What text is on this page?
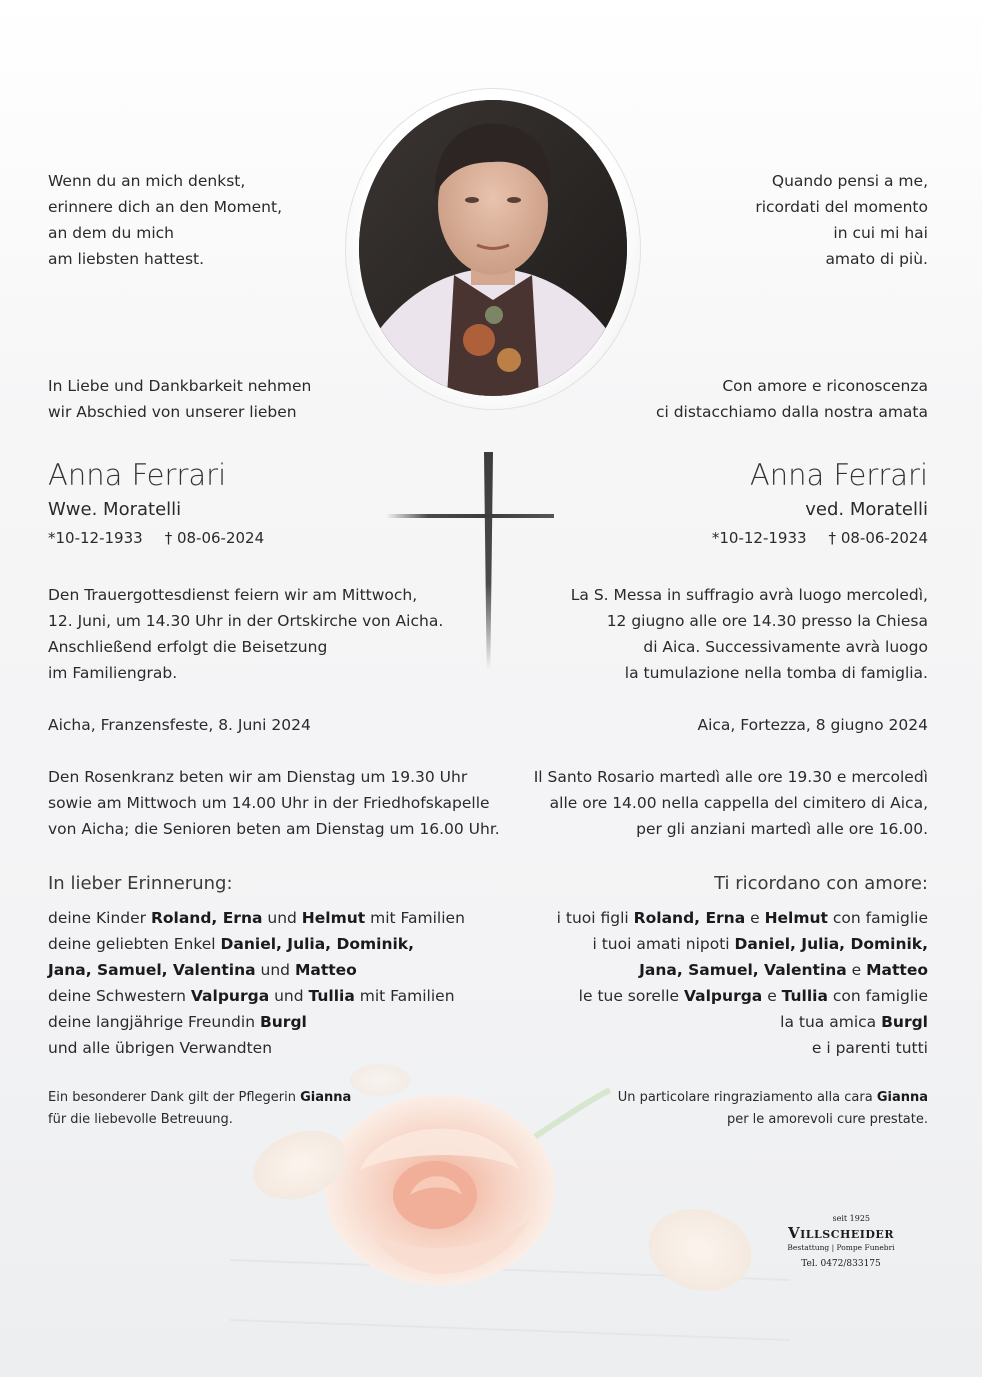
Wenn du an mich denkst,

erinnere dich an den Moment,

an dem du mich

am liebsten hattest.

In Liebe und Dankbarkeit nehmen

wir Abschied von unserer lieben

Anna Ferrari

Wwe. Moratelli

*10-12-1933 † 08-06-2024

Den Trauergottesdienst feiern wir am Mittwoch,

12. Juni, um 14.30 Uhr in der Ortskirche von Aicha.

Anschließend erfolgt die Beisetzung

im Familiengrab.

Aicha, Franzensfeste, 8. Juni 2024

Den Rosenkranz beten wir am Dienstag um 19.30 Uhr

sowie am Mittwoch um 14.00 Uhr in der Friedhofskapelle

von Aicha; die Senioren beten am Dienstag um 16.00 Uhr.

In lieber Erinnerung:

deine Kinder Roland, Erna und Helmut mit Familien

deine geliebten Enkel Daniel, Julia, Dominik,

Jana, Samuel, Valentina und Matteo

deine Schwestern Valpurga und Tullia mit Familien

deine langjährige Freundin Burgl

und alle übrigen Verwandten

Ein besonderer Dank gilt der Pflegerin Gianna

für die liebevolle Betreuung.

Quando pensi a me,

ricordati del momento

in cui mi hai

amato di più.

Con amore e riconoscenza

ci distacchiamo dalla nostra amata

Anna Ferrari

ved. Moratelli

*10-12-1933 † 08-06-2024

La S. Messa in suffragio avrà luogo mercoledì,

12 giugno alle ore 14.30 presso la Chiesa

di Aica. Successivamente avrà luogo

la tumulazione nella tomba di famiglia.

Aica, Fortezza, 8 giugno 2024

Il Santo Rosario martedì alle ore 19.30 e mercoledì

alle ore 14.00 nella cappella del cimitero di Aica,

per gli anziani martedì alle ore 16.00.

Ti ricordano con amore:

i tuoi figli Roland, Erna e Helmut con famiglie

i tuoi amati nipoti Daniel, Julia, Dominik,

Jana, Samuel, Valentina e Matteo

le tue sorelle Valpurga e Tullia con famiglie

la tua amica Burgl

e i parenti tutti

Un particolare ringraziamento alla cara Gianna

per le amorevoli cure prestate.

seit 1925
Villscheider
Bestattung | Pompe Funebri
Tel. 0472/833175
